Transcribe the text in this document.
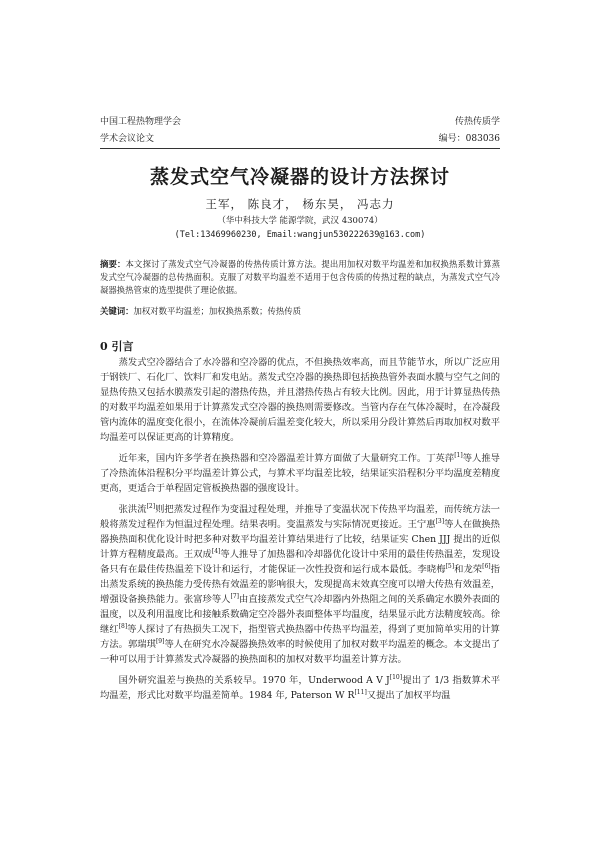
中国工程热物理学会
学术会议论文
传热传质学
编号：083036
蒸发式空气冷凝器的设计方法探讨
王军， 陈良才， 杨东昊， 冯志力
（华中科技大学 能源学院，武汉 430074）
(Tel:13469960230, Email:wangjun530222639@163.com)
摘要：本文探讨了蒸发式空气冷凝器的传热传质计算方法。提出用加权对数平均温差和加权换热系数计算蒸发式空气冷凝器的总传热面积。克服了对数平均温差不适用于包含传质的传热过程的缺点，为蒸发式空气冷凝器换热管束的选型提供了理论依据。
关键词：加权对数平均温差；加权换热系数；传热传质
0 引言

蒸发式空冷器结合了水冷器和空冷器的优点，不但换热效率高，而且节能节水，所以广泛应用于钢铁厂、石化厂、饮料厂和发电站。蒸发式空冷器的换热即包括换热管外表面水膜与空气之间的显热传热又包括水膜蒸发引起的潜热传热，并且潜热传热占有较大比例。因此，用于计算显热传热的对数平均温差如果用于计算蒸发式空冷器的换热则需要修改。当管内存在气体冷凝时，在冷凝段管内流体的温度变化很小，在流体冷凝前后温差变化较大，所以采用分段计算然后再取加权对数平均温差可以保证更高的计算精度。

近年来，国内许多学者在换热器和空冷器温差计算方面做了大量研究工作。丁英萍[1]等人推导了冷热流体沿程积分平均温差计算公式，与算术平均温差比较，结果证实沿程积分平均温度差精度更高，更适合于单程固定管板换热器的强度设计。

张洪流[2]则把蒸发过程作为变温过程处理，并推导了变温状况下传热平均温差，而传统方法一般将蒸发过程作为恒温过程处理。结果表明。变温蒸发与实际情况更接近。王宁惠[3]等人在做换热器换热面积优化设计时把多种对数平均温差计算结果进行了比较，结果证实 Chen JJJ 提出的近似计算方程精度最高。王双成[4]等人推导了加热器和冷却器优化设计中采用的最佳传热温差，发现设备只有在最佳传热温差下设计和运行，才能保证一次性投资和运行成本最低。李晓梅[5]和龙荣[6]指出蒸发系统的换热能力受传热有效温差的影响很大，发现提高末效真空度可以增大传热有效温差，增强设备换热能力。张富珍等人[7]由直接蒸发式空气冷却器内外热阻之间的关系确定水膜外表面的温度，以及利用温度比和接触系数确定空冷器外表面整体平均温度，结果显示此方法精度较高。徐继红[8]等人探讨了有热损失工况下，指型管式换热器中传热平均温差，得到了更加简单实用的计算方法。郭瑞琪[9]等人在研究水冷凝器换热效率的时候使用了加权对数平均温差的概念。本文提出了一种可以用于计算蒸发式冷凝器的换热面积的加权对数平均温差计算方法。

国外研究温差与换热的关系较早。1970 年，Underwood A V J[10]提出了 1/3 指数算术平均温差，形式比对数平均温差简单。1984 年, Paterson W R[11]又提出了加权平均温
